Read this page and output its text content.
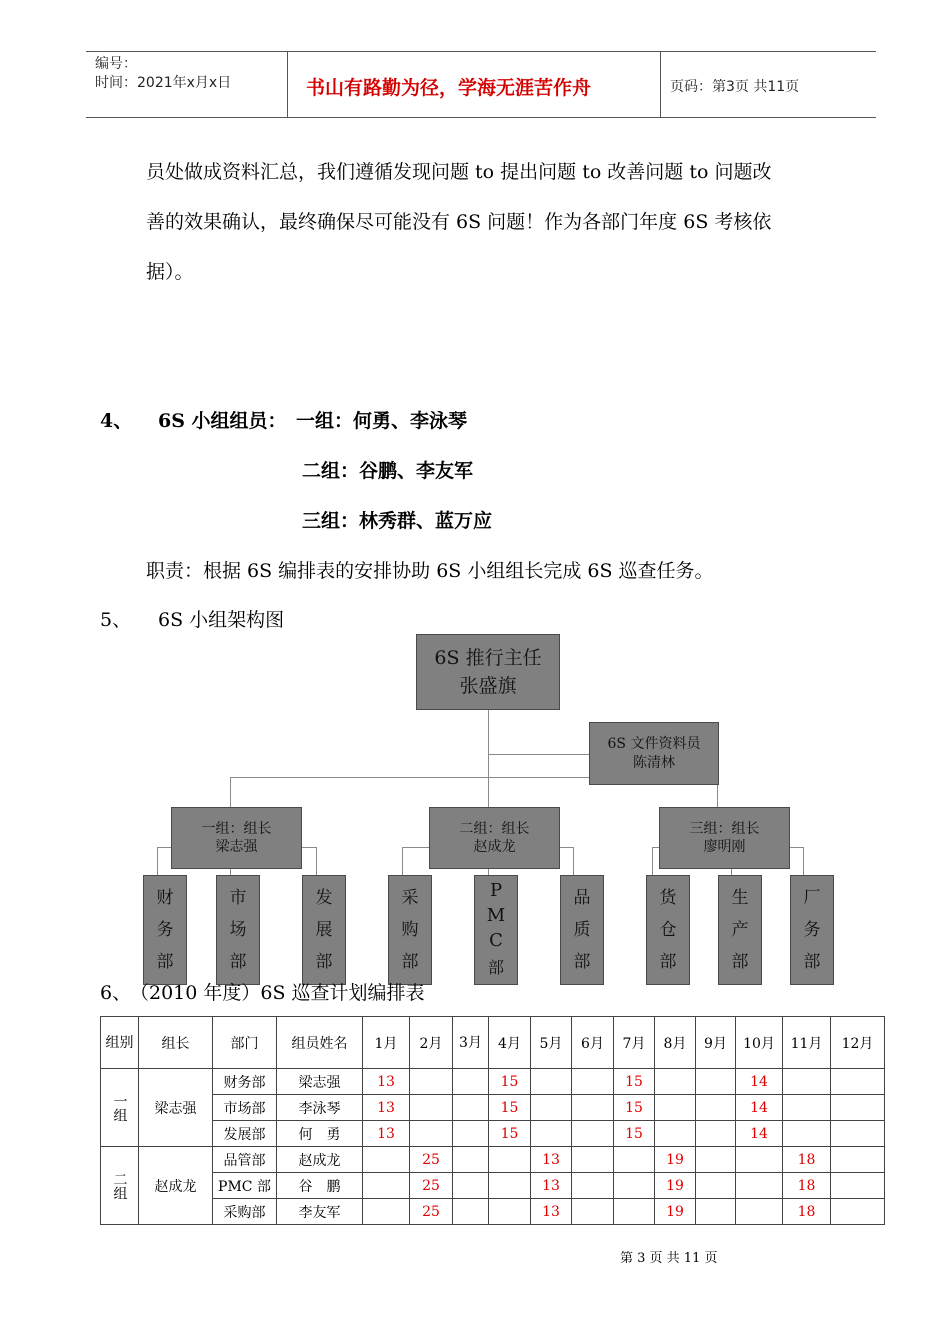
编号：
时间：2021年x月x日	书山有路勤为径，学海无涯苦作舟	页码：第3页 共11页
员处做成资料汇总，我们遵循发现问题 to 提出问题 to 改善问题 to 问题改
善的效果确认，最终确保尽可能没有 6S 问题！作为各部门年度 6S 考核依
据）。
4、 6S 小组组员： 一组：何勇、李泳琴
二组：谷鹏、李友军
三组：林秀群、蓝万应
职责：根据 6S 编排表的安排协助 6S 小组组长完成 6S 巡查任务。
5、 6S 小组架构图
6S 推行主任
张盛旗
6S 文件资料员
陈清林
一组：组长
梁志强
二组：组长
赵成龙
三组：组长
廖明刚
财
务
部
市
场
部
发
展
部
采
购
部
P
M
C
部
品
质
部
货
仓
部
生
产
部
厂
务
部
6、
（2010 年度）6S 巡查计划编排表
组别	组长	部门	组员姓名	1月	2月	3月	4月	5月	6月	7月	8月	9月	10月	11月	12月
一组	梁志强	财务部	梁志强	13			15			15			14		
		市场部	李泳琴	13			15			15			14		
		发展部	何　勇	13			15			15			14		
二组	赵成龙	品管部	赵成龙		25			13			19			18	
		PMC 部	谷　鹏		25			13			19			18	
		采购部	李友军		25			13			19			18	
第 3 页 共 11 页
